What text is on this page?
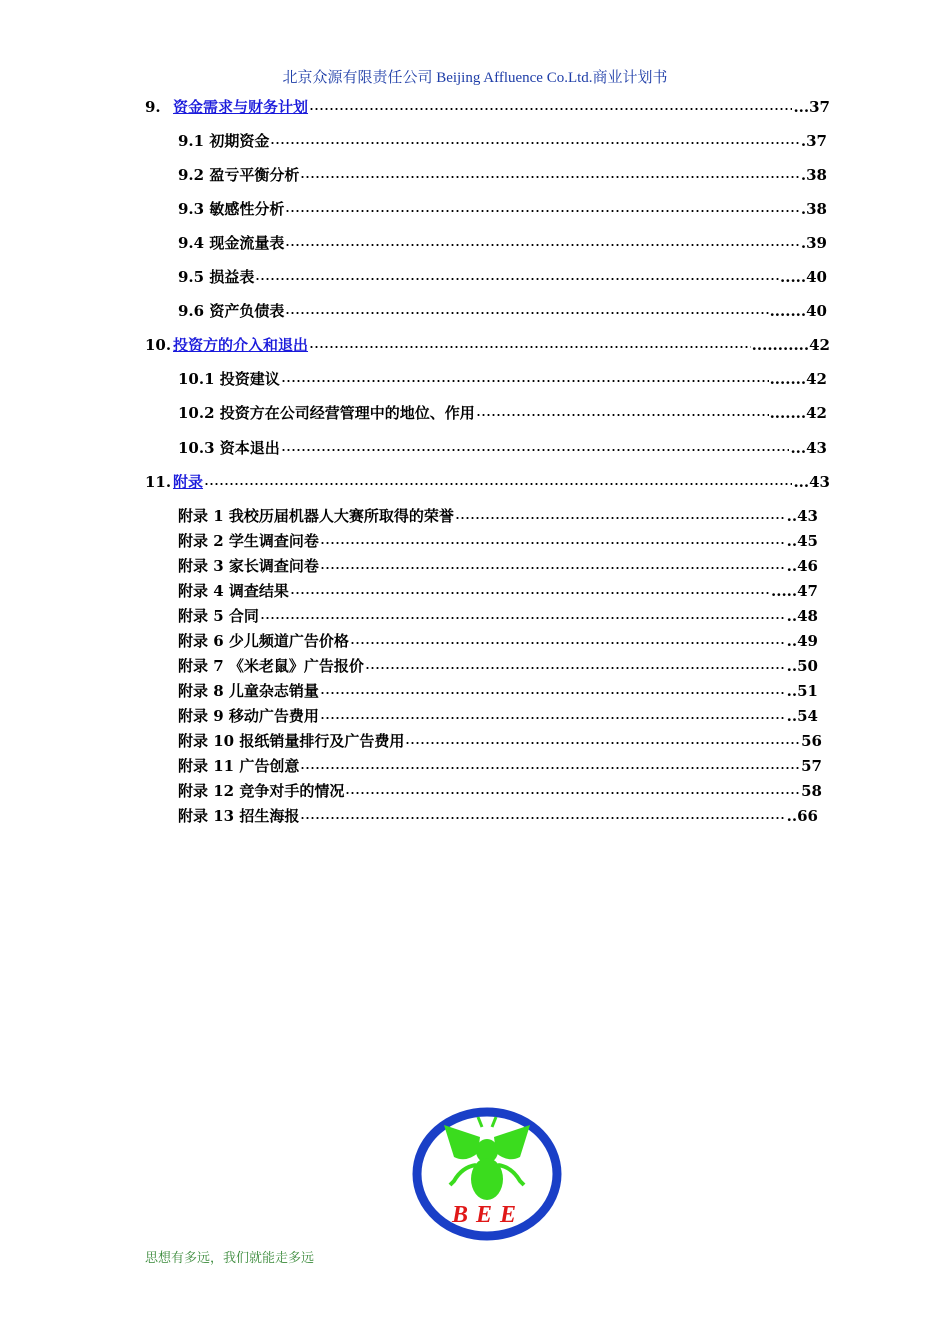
北京众源有限责任公司 Beijing Affluence Co.Ltd.商业计划书
9. 资金需求与财务计划	...37
9.1 初期资金	.37
9.2 盈亏平衡分析	.38
9.3 敏感性分析	.38
9.4 现金流量表	.39
9.5 损益表	.....40
9.6 资产负债表	.......40
10. 投资方的介入和退出	...........42
10.1 投资建议	.......42
10.2 投资方在公司经营管理中的地位、作用	.......42
10.3 资本退出	...43
11. 附录	...43
附录 1 我校历届机器人大赛所取得的荣誉	..43
附录 2 学生调查问卷	..45
附录 3 家长调查问卷	..46
附录 4 调查结果	.....47
附录 5 合同	..48
附录 6 少儿频道广告价格	..49
附录 7 《米老鼠》广告报价	..50
附录 8 儿童杂志销量	..51
附录 9 移动广告费用	..54
附录 10 报纸销量排行及广告费用	56
附录 11 广告创意	57
附录 12 竞争对手的情况	58
附录 13 招生海报	..66
BEE
思想有多远，我们就能走多远
